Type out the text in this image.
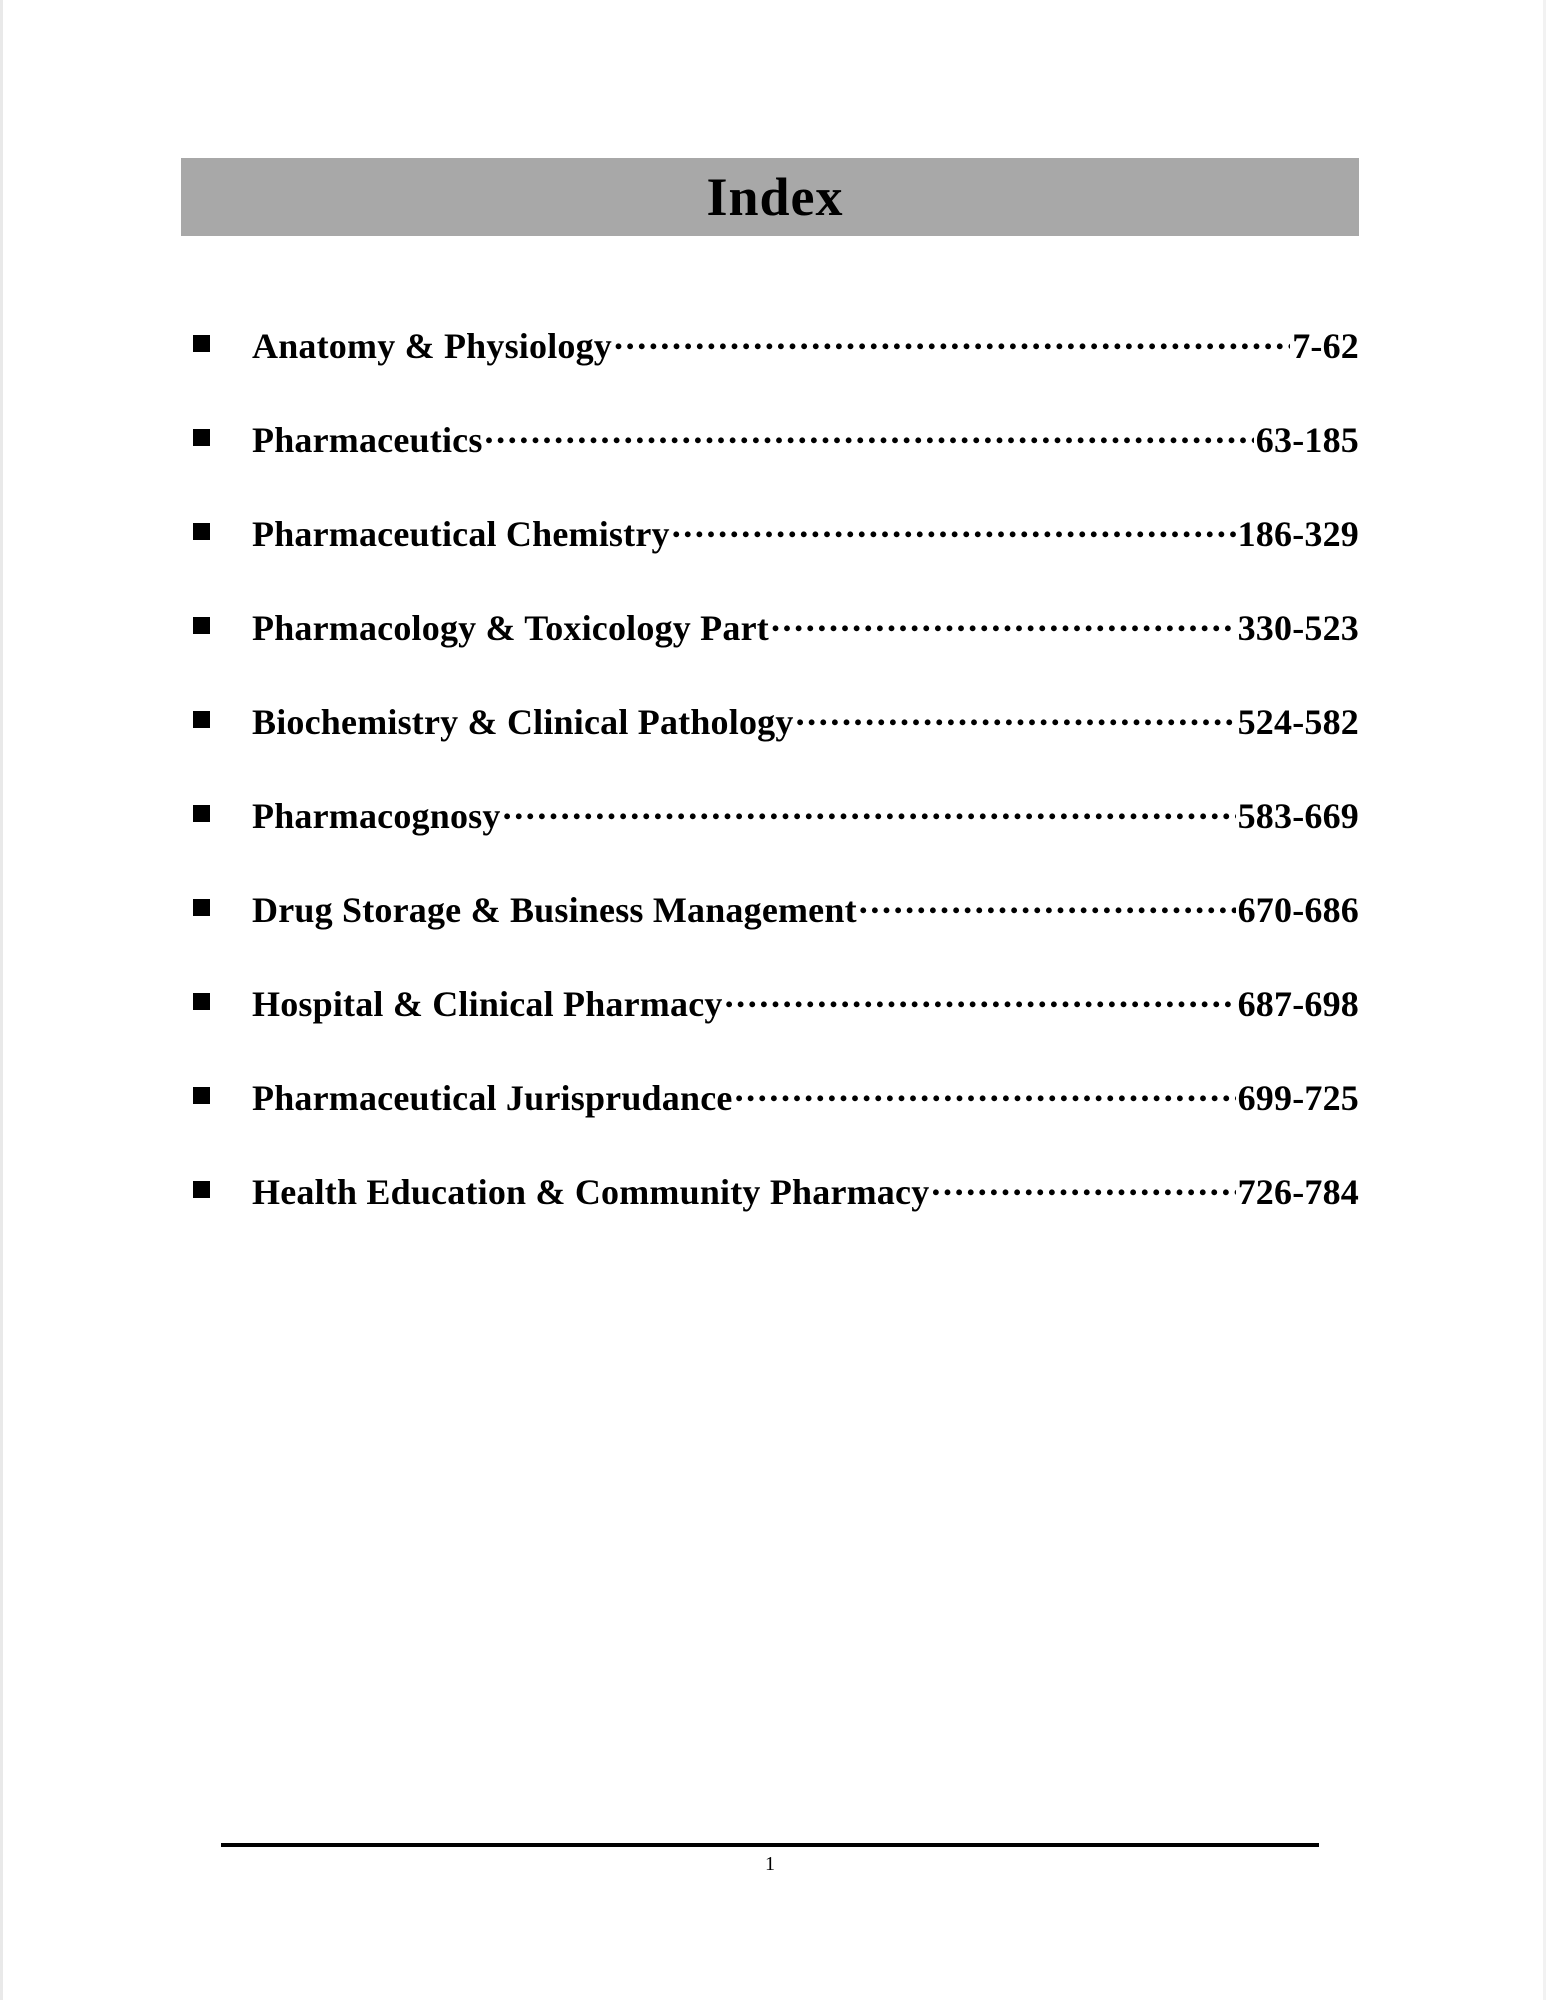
Index
Anatomy & Physiology .....	7-62
Pharmaceutics .....	63-185
Pharmaceutical Chemistry .....	186-329
Pharmacology & Toxicology Part .....	330-523
Biochemistry & Clinical Pathology .....	524-582
Pharmacognosy .....	583-669
Drug Storage & Business Management .....	670-686
Hospital & Clinical Pharmacy .....	687-698
Pharmaceutical Jurisprudance .....	699-725
Health Education & Community Pharmacy .....	726-784
1
